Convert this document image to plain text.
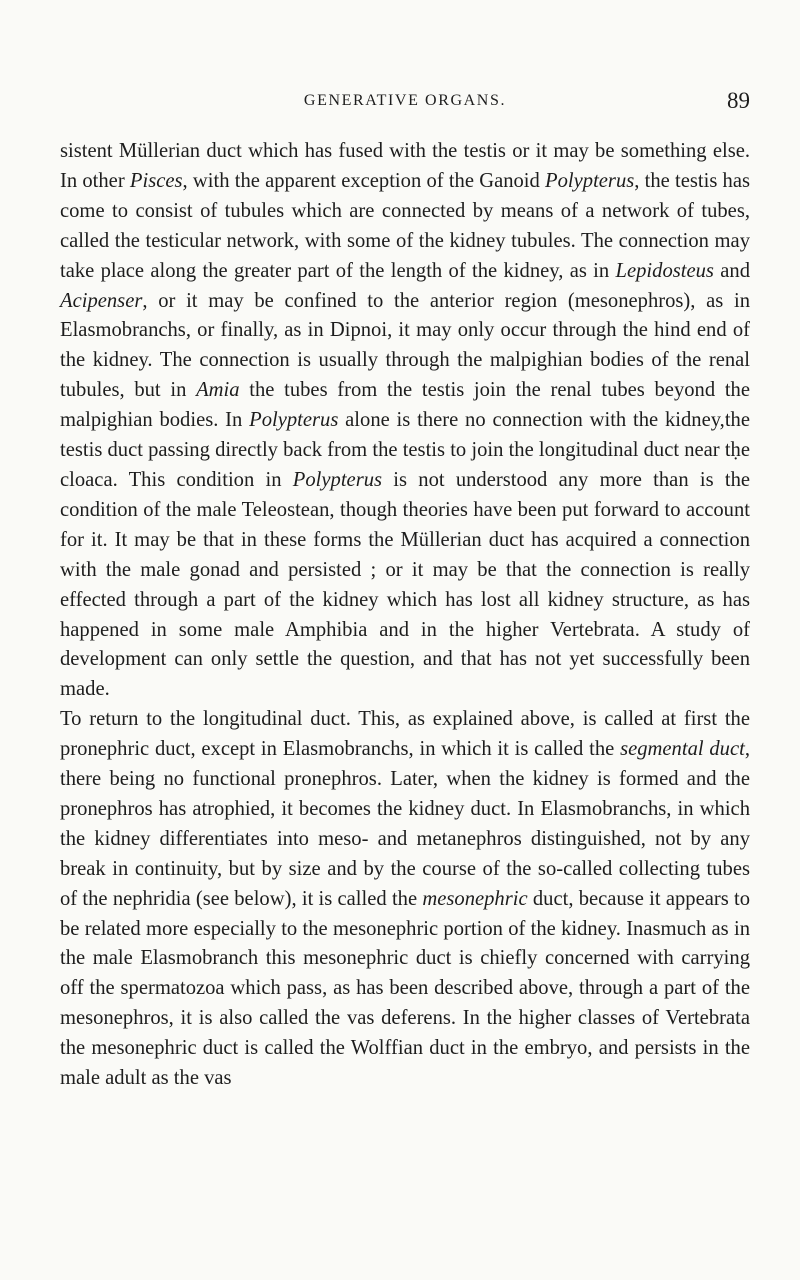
GENERATIVE ORGANS.	89

sistent Müllerian duct which has fused with the testis or it may be something else. In other Pisces, with the apparent exception of the Ganoid Polypterus, the testis has come to consist of tubules which are connected by means of a network of tubes, called the testicular network, with some of the kidney tubules. The connection may take place along the greater part of the length of the kidney, as in Lepidosteus and Acipenser, or it may be confined to the anterior region (mesonephros), as in Elasmobranchs, or finally, as in Dipnoi, it may only occur through the hind end of the kidney. The connection is usually through the malpighian bodies of the renal tubules, but in Amia the tubes from the testis join the renal tubes beyond the malpighian bodies. In Polypterus alone is there no connection with the kidney,the testis duct passing directly back from the testis to join the longitudinal duct near tḥe cloaca. This condition in Polypterus is not understood any more than is the condition of the male Teleostean, though theories have been put forward to account for it. It may be that in these forms the Müllerian duct has acquired a connection with the male gonad and persisted ; or it may be that the connection is really effected through a part of the kidney which has lost all kidney structure, as has happened in some male Amphibia and in the higher Vertebrata. A study of development can only settle the question, and that has not yet successfully been made.

To return to the longitudinal duct. This, as explained above, is called at first the pronephric duct, except in Elasmobranchs, in which it is called the segmental duct, there being no functional pronephros. Later, when the kidney is formed and the pronephros has atrophied, it becomes the kidney duct. In Elasmobranchs, in which the kidney differentiates into meso- and metanephros distinguished, not by any break in continuity, but by size and by the course of the so-called collecting tubes of the nephridia (see below), it is called the mesonephric duct, because it appears to be related more especially to the mesonephric portion of the kidney. Inasmuch as in the male Elasmobranch this mesonephric duct is chiefly concerned with carrying off the spermatozoa which pass, as has been described above, through a part of the mesonephros, it is also called the vas deferens. In the higher classes of Vertebrata the mesonephric duct is called the Wolffian duct in the embryo, and persists in the male adult as the vas
